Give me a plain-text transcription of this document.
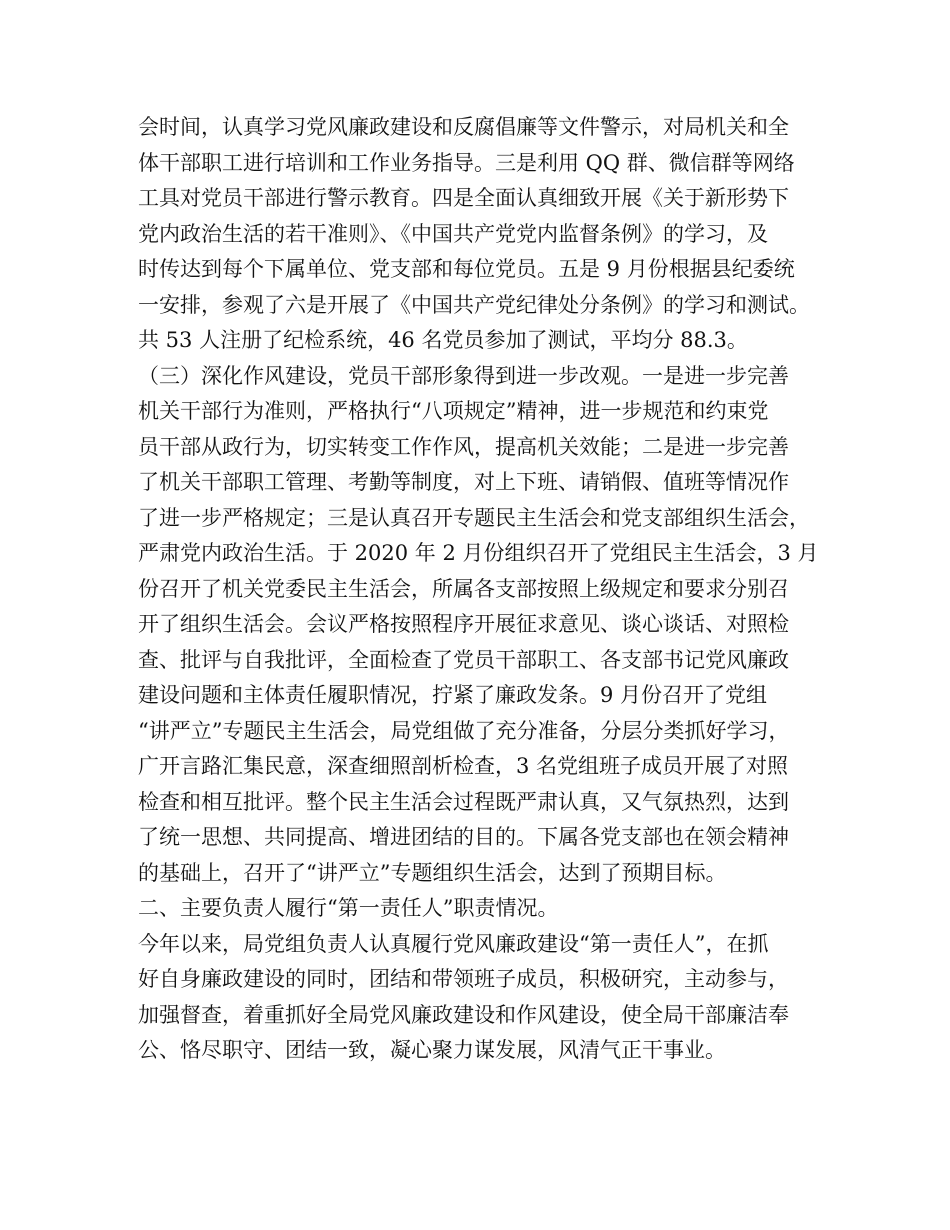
会时间，认真学习党风廉政建设和反腐倡廉等文件警示，对局机关和全
体干部职工进行培训和工作业务指导。三是利用 QQ 群、微信群等网络
工具对党员干部进行警示教育。四是全面认真细致开展《关于新形势下
党内政治生活的若干准则》、《中国共产党党内监督条例》的学习，及
时传达到每个下属单位、党支部和每位党员。五是 9 月份根据县纪委统
一安排，参观了六是开展了《中国共产党纪律处分条例》的学习和测试。
共 53 人注册了纪检系统，46 名党员参加了测试，平均分 88.3。
（三）深化作风建设，党员干部形象得到进一步改观。一是进一步完善
机关干部行为准则，严格执行“八项规定”精神，进一步规范和约束党
员干部从政行为，切实转变工作作风，提高机关效能；二是进一步完善
了机关干部职工管理、考勤等制度，对上下班、请销假、值班等情况作
了进一步严格规定；三是认真召开专题民主生活会和党支部组织生活会，
严肃党内政治生活。于 2020 年 2 月份组织召开了党组民主生活会，3 月
份召开了机关党委民主生活会，所属各支部按照上级规定和要求分别召
开了组织生活会。会议严格按照程序开展征求意见、谈心谈话、对照检
查、批评与自我批评，全面检查了党员干部职工、各支部书记党风廉政
建设问题和主体责任履职情况，拧紧了廉政发条。9 月份召开了党组
“讲严立”专题民主生活会，局党组做了充分准备，分层分类抓好学习，
广开言路汇集民意，深查细照剖析检查，3 名党组班子成员开展了对照
检查和相互批评。整个民主生活会过程既严肃认真，又气氛热烈，达到
了统一思想、共同提高、增进团结的目的。下属各党支部也在领会精神
的基础上，召开了“讲严立”专题组织生活会，达到了预期目标。
二、主要负责人履行“第一责任人”职责情况。
今年以来，局党组负责人认真履行党风廉政建设“第一责任人”，在抓
好自身廉政建设的同时，团结和带领班子成员，积极研究，主动参与，
加强督查，着重抓好全局党风廉政建设和作风建设，使全局干部廉洁奉
公、恪尽职守、团结一致，凝心聚力谋发展，风清气正干事业。
